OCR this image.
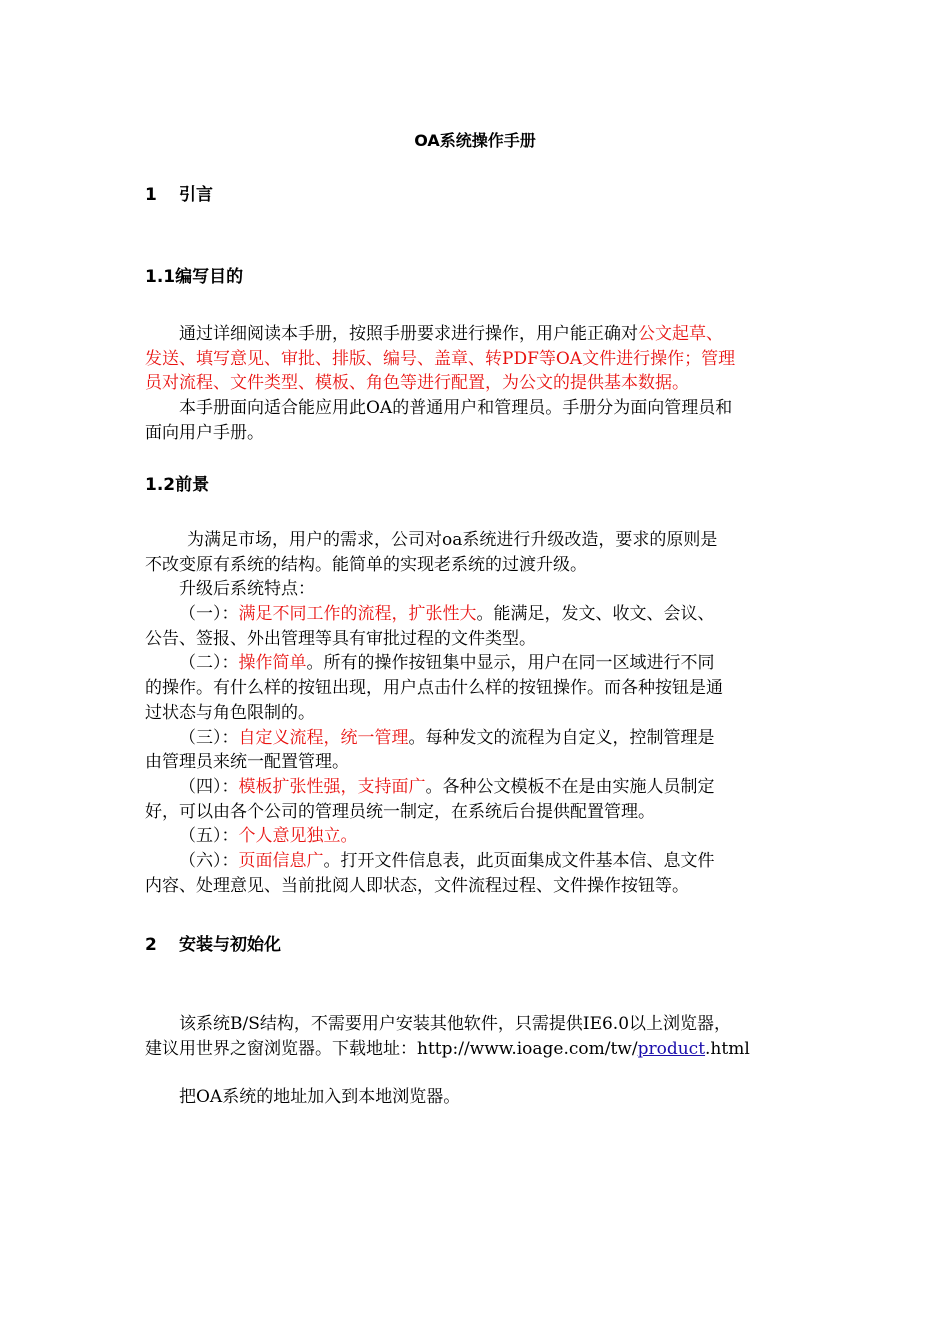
OA系统操作手册
1 引言
1.1编写目的
通过详细阅读本手册，按照手册要求进行操作，用户能正确对公文起草、
发送、填写意见、审批、排版、编号、盖章、转PDF等OA文件进行操作；管理
员对流程、文件类型、模板、角色等进行配置，为公文的提供基本数据。
本手册面向适合能应用此OA的普通用户和管理员。手册分为面向管理员和
面向用户手册。
1.2前景
为满足市场，用户的需求，公司对oa系统进行升级改造，要求的原则是
不改变原有系统的结构。能简单的实现老系统的过渡升级。
升级后系统特点：
（一）：满足不同工作的流程，扩张性大。能满足，发文、收文、会议、
公告、签报、外出管理等具有审批过程的文件类型。
（二）：操作简单。所有的操作按钮集中显示，用户在同一区域进行不同
的操作。有什么样的按钮出现，用户点击什么样的按钮操作。而各种按钮是通
过状态与角色限制的。
（三）：自定义流程，统一管理。每种发文的流程为自定义，控制管理是
由管理员来统一配置管理。
（四）：模板扩张性强，支持面广。各种公文模板不在是由实施人员制定
好，可以由各个公司的管理员统一制定，在系统后台提供配置管理。
（五）：个人意见独立。
（六）：页面信息广。打开文件信息表，此页面集成文件基本信、息文件
内容、处理意见、当前批阅人即状态，文件流程过程、文件操作按钮等。
2 安装与初始化
该系统B/S结构，不需要用户安装其他软件，只需提供IE6.0以上浏览器，
建议用世界之窗浏览器。下载地址：http://www.ioage.com/tw/product.html
把OA系统的地址加入到本地浏览器。
